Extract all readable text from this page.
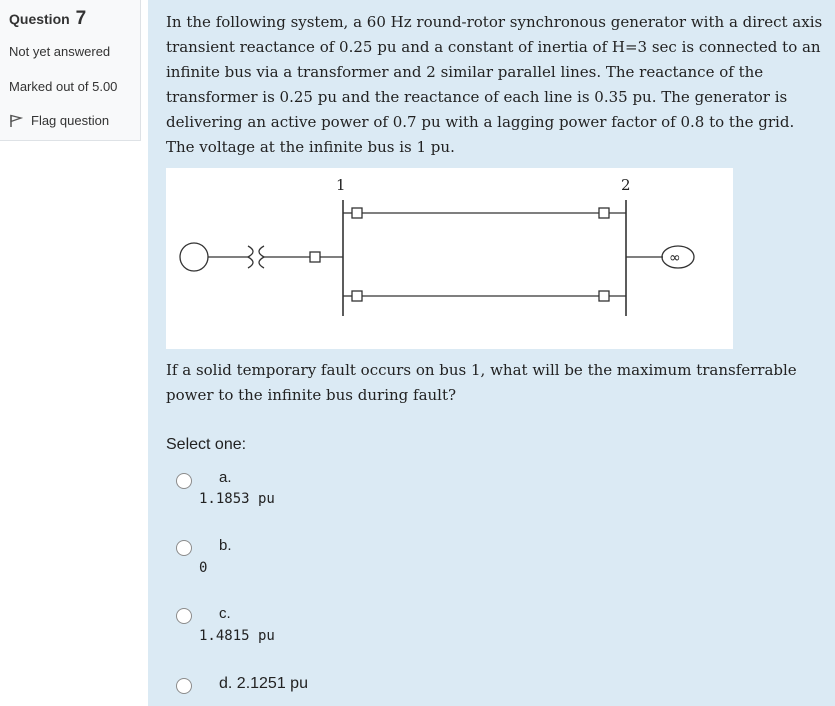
Question 7
Not yet answered
Marked out of 5.00
Flag question
In the following system, a 60 Hz round-rotor synchronous generator with a direct axis transient reactance of 0.25 pu and a constant of inertia of H=3 sec is connected to an infinite bus via a transformer and 2 similar parallel lines. The reactance of the transformer is 0.25 pu and the reactance of each line is 0.35 pu. The generator is delivering an active power of 0.7 pu with a lagging power factor of 0.8 to the grid. The voltage at the infinite bus is 1 pu.
1	2
∞
If a solid temporary fault occurs on bus 1, what will be the maximum transferrable power to the infinite bus during fault?
Select one:
a.
1.1853 pu
b.
0
c.
1.4815 pu
d. 2.1251 pu
